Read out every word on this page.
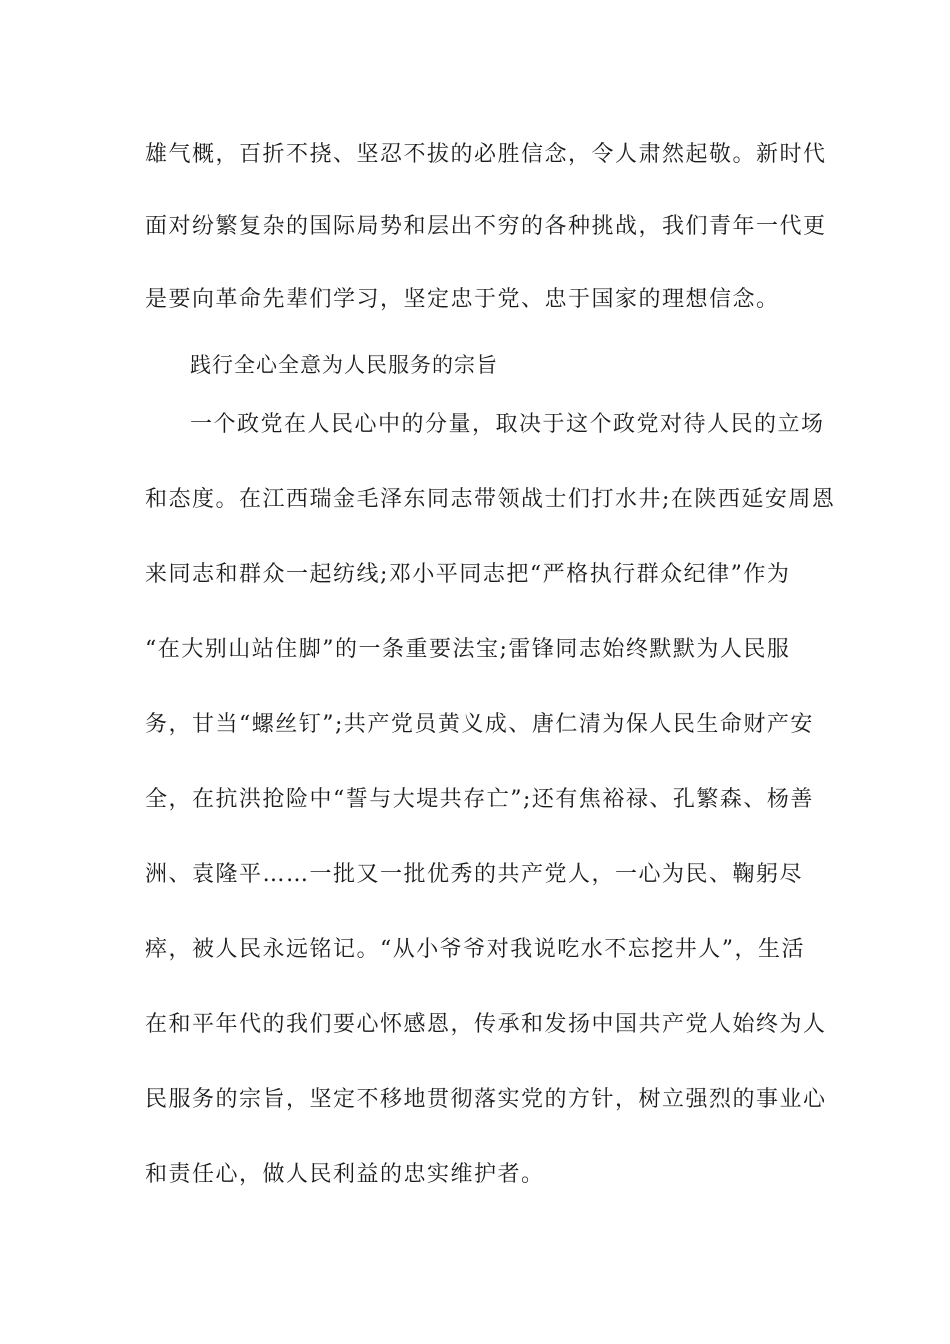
雄气概，百折不挠、坚忍不拔的必胜信念，令人肃然起敬。新时代
面对纷繁复杂的国际局势和层出不穷的各种挑战，我们青年一代更
是要向革命先辈们学习，坚定忠于党、忠于国家的理想信念。
践行全心全意为人民服务的宗旨
一个政党在人民心中的分量，取决于这个政党对待人民的立场
和态度。在江西瑞金毛泽东同志带领战士们打水井;在陕西延安周恩
来同志和群众一起纺线;邓小平同志把“严格执行群众纪律”作为
“在大别山站住脚”的一条重要法宝;雷锋同志始终默默为人民服
务，甘当“螺丝钉”;共产党员黄义成、唐仁清为保人民生命财产安
全，在抗洪抢险中“誓与大堤共存亡”;还有焦裕禄、孔繁森、杨善
洲、袁隆平……一批又一批优秀的共产党人，一心为民、鞠躬尽
瘁，被人民永远铭记。“从小爷爷对我说吃水不忘挖井人”，生活
在和平年代的我们要心怀感恩，传承和发扬中国共产党人始终为人
民服务的宗旨，坚定不移地贯彻落实党的方针，树立强烈的事业心
和责任心，做人民利益的忠实维护者。
